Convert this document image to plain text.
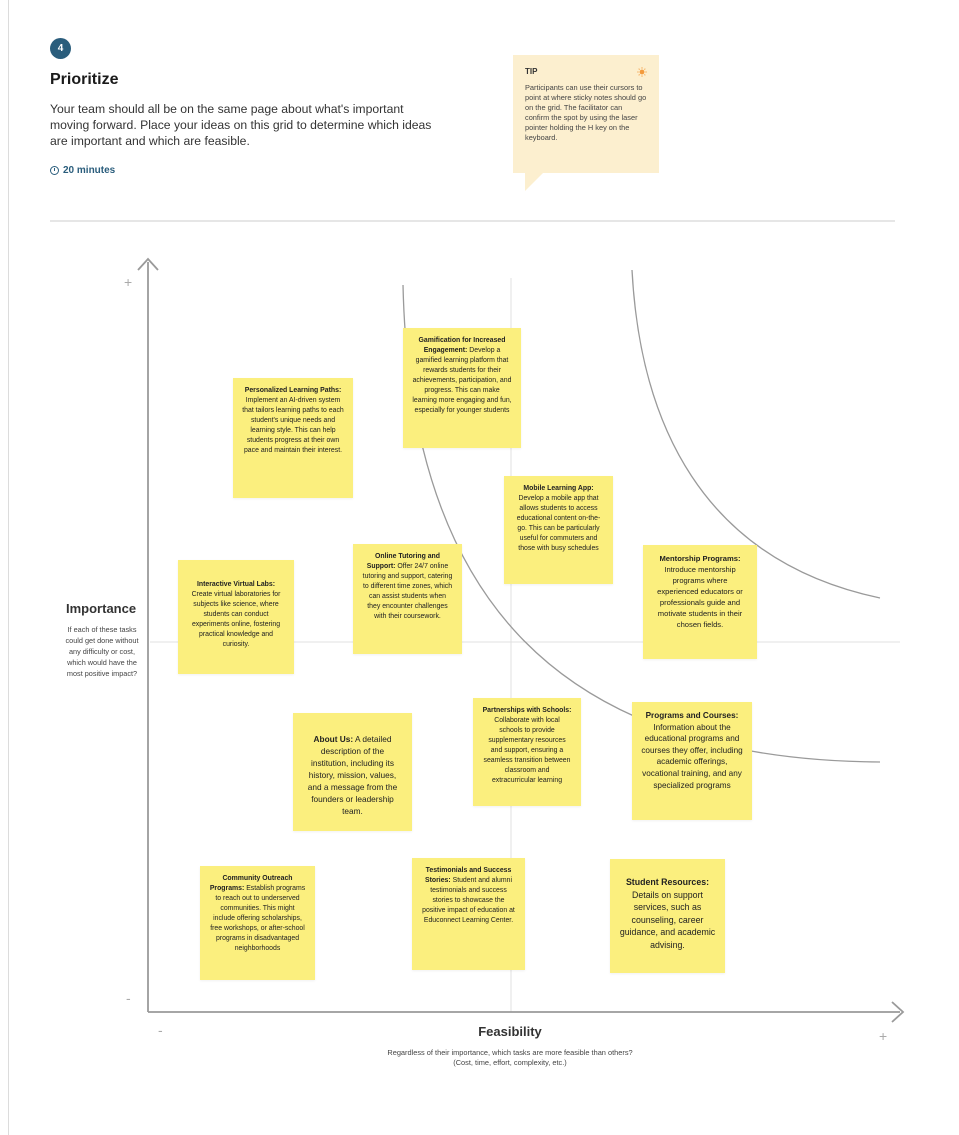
4
Prioritize
Your team should all be on the same page about what's important moving forward. Place your ideas on this grid to determine which ideas are important and which are feasible.
20 minutes
TIP
Participants can use their cursors to point at where sticky notes should go on the grid. The facilitator can confirm the spot by using the laser pointer holding the H key on the keyboard.
+
-
-	+
Importance
If each of these tasks could get done without any difficulty or cost, which would have the most positive impact?
Feasibility
Regardless of their importance, which tasks are more feasible than others? (Cost, time, effort, complexity, etc.)
Gamification for Increased Engagement: Develop a gamified learning platform that rewards students for their achievements, participation, and progress. This can make learning more engaging and fun, especially for younger students
Personalized Learning Paths: Implement an AI-driven system that tailors learning paths to each student's unique needs and learning style. This can help students progress at their own pace and maintain their interest.
Mobile Learning App: Develop a mobile app that allows students to access educational content on-the-go. This can be particularly useful for commuters and those with busy schedules
Online Tutoring and Support: Offer 24/7 online tutoring and support, catering to different time zones, which can assist students when they encounter challenges with their coursework.
Interactive Virtual Labs: Create virtual laboratories for subjects like science, where students can conduct experiments online, fostering practical knowledge and curiosity.
Mentorship Programs: Introduce mentorship programs where experienced educators or professionals guide and motivate students in their chosen fields.
Partnerships with Schools: Collaborate with local schools to provide supplementary resources and support, ensuring a seamless transition between classroom and extracurricular learning
Programs and Courses: Information about the educational programs and courses they offer, including academic offerings, vocational training, and any specialized programs
About Us: A detailed description of the institution, including its history, mission, values, and a message from the founders or leadership team.
Community Outreach Programs: Establish programs to reach out to underserved communities. This might include offering scholarships, free workshops, or after-school programs in disadvantaged neighborhoods
Testimonials and Success Stories: Student and alumni testimonials and success stories to showcase the positive impact of education at Educonnect Learning Center.
Student Resources: Details on support services, such as counseling, career guidance, and academic advising.
